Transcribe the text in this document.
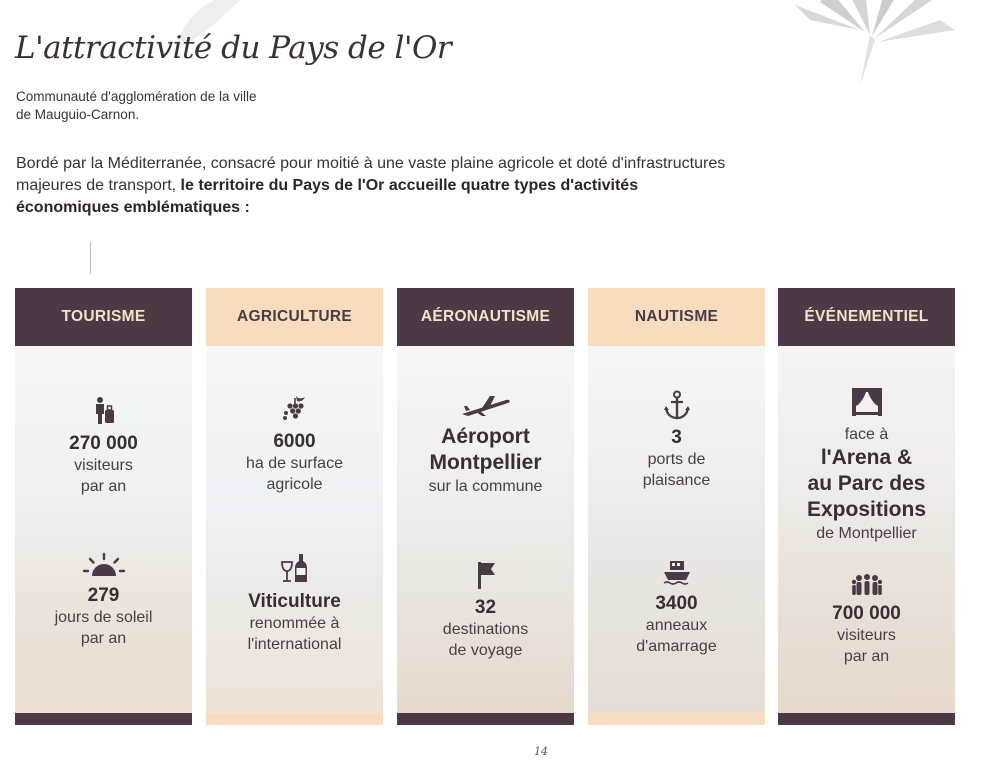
L'attractivité du Pays de l'Or
Communauté d'agglomération de la ville
de Mauguio-Carnon.

Bordé par la Méditerranée, consacré pour moitié à une vaste plaine agricole et doté d'infrastructures majeures de transport, le territoire du Pays de l'Or accueille quatre types d'activités économiques emblématiques :

TOURISME
270 000
visiteurs
par an
279
jours de soleil
par an
AGRICULTURE
6000
ha de surface
agricole
Viticulture
renommée à
l'international
AÉRONAUTISME
Aéroport
Montpellier
sur la commune
32
destinations
de voyage
NAUTISME
3
ports de
plaisance
3400
anneaux
d'amarrage
ÉVÉNEMENTIEL
face à
l'Arena &
au Parc des
Expositions
de Montpellier
700 000
visiteurs
par an
14
